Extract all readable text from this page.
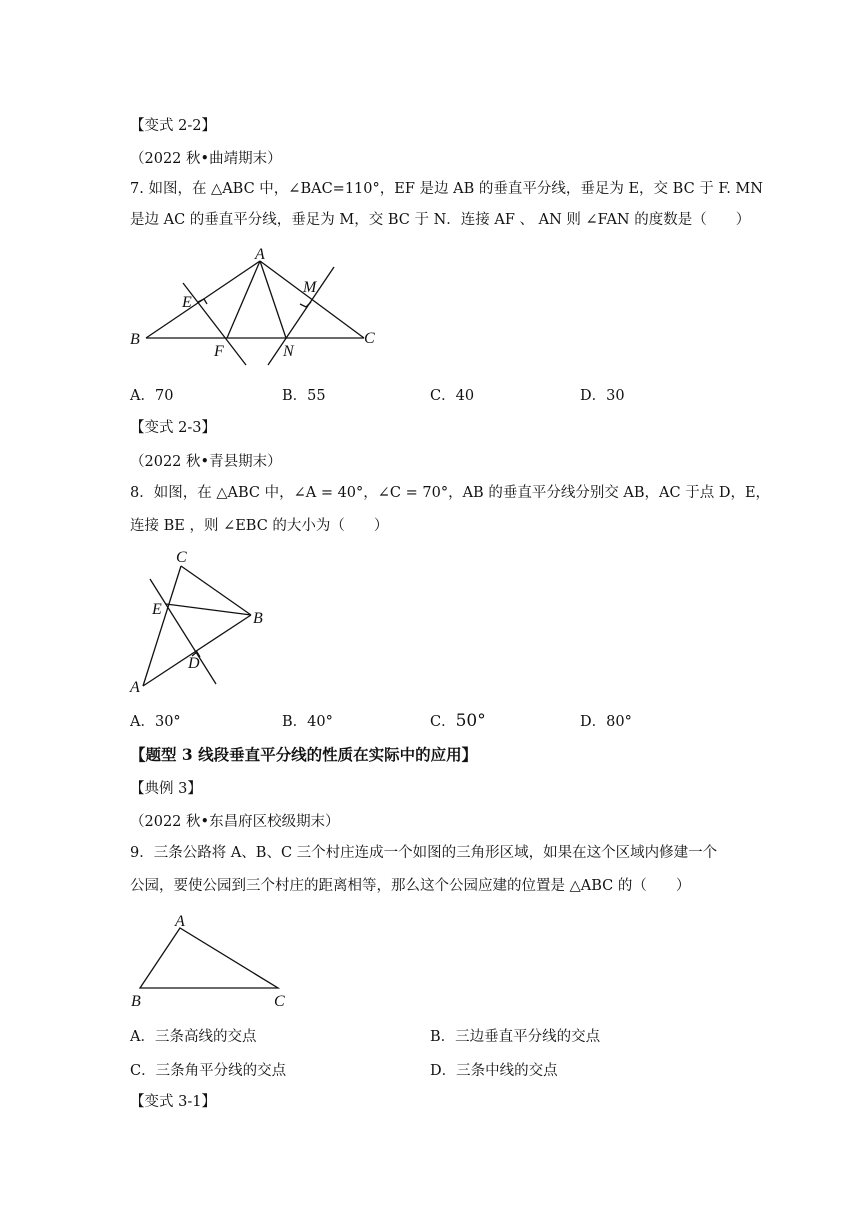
【变式 2-2】
（2022 秋•曲靖期末）
7. 如图，在 △ABC 中，∠BAC=110°，EF 是边 AB 的垂直平分线，垂足为 E，交 BC 于 F. MN
是边 AC 的垂直平分线，垂足为 M，交 BC 于 N．连接 AF 、 AN 则 ∠FAN 的度数是（　　）
A
B	C
E
F
M
N
A．70	B．55	C．40	D．30
【变式 2-3】
（2022 秋•青县期末）
8．如图，在 △ABC 中，∠A = 40°，∠C = 70°，AB 的垂直平分线分别交 AB，AC 于点 D，E，
连接 BE ，则 ∠EBC 的大小为（　　）
C
B
A
D
E
A．30°	B．40°	C．50°	D．80°
【题型 3 线段垂直平分线的性质在实际中的应用】
【典例 3】
（2022 秋•东昌府区校级期末）
9．三条公路将 A、B、C 三个村庄连成一个如图的三角形区域，如果在这个区域内修建一个
公园，要使公园到三个村庄的距离相等，那么这个公园应建的位置是 △ABC 的（　　）
A
B	C
A．三条高线的交点	B．三边垂直平分线的交点
C．三条角平分线的交点	D．三条中线的交点
【变式 3-1】
